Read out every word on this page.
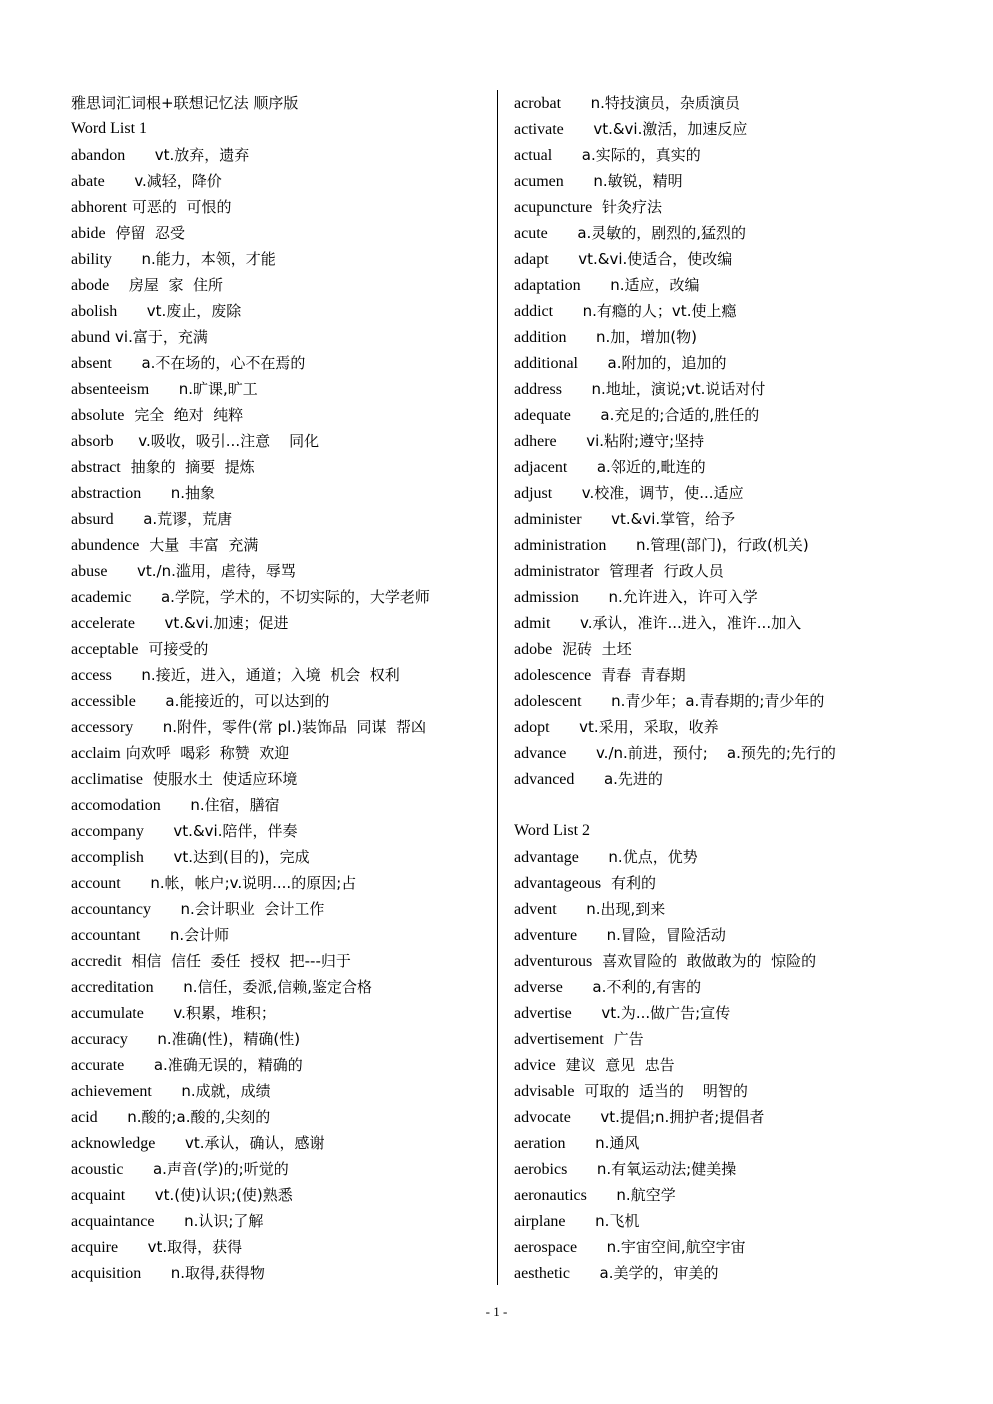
雅思词汇词根+联想记忆法 顺序版
Word List 1
abandon vt.放弃，遗弃
abate v.减轻，降价
abhorent 可恶的  可恨的
abide 停留  忍受
ability n.能力，本领，才能
abode 房屋  家  住所
abolish vt.废止，废除
abund vi.富于，充满
absent a.不在场的，心不在焉的
absenteeism n.旷课,旷工
absolute 完全  绝对  纯粹
absorb v.吸收，吸引...注意    同化
abstract 抽象的  摘要  提炼
abstraction n.抽象
absurd a.荒谬，荒唐
abundence 大量  丰富  充满
abuse vt./n.滥用，虐待，辱骂
academic a.学院，学术的，不切实际的，大学老师
accelerate vt.&vi.加速；促进
acceptable 可接受的
access n.接近，进入，通道；入境  机会  权利
accessible a.能接近的，可以达到的
accessory n.附件，零件(常 pl.)装饰品  同谋  帮凶
acclaim 向欢呼  喝彩  称赞  欢迎
acclimatise 使服水土  使适应环境
accomodation n.住宿，膳宿
accompany vt.&vi.陪伴，伴奏
accomplish vt.达到(目的)，完成
account n.帐，帐户;v.说明....的原因;占
accountancy n.会计职业  会计工作
accountant n.会计师
accredit 相信  信任  委任  授权  把---归于
accreditation n.信任，委派,信赖,鉴定合格
accumulate v.积累，堆积；
accuracy n.准确(性)，精确(性)
accurate a.准确无误的，精确的
achievement n.成就，成绩
acid n.酸的;a.酸的,尖刻的
acknowledge vt.承认，确认，感谢
acoustic a.声音(学)的;听觉的
acquaint vt.(使)认识;(使)熟悉
acquaintance n.认识;了解
acquire vt.取得，获得
acquisition n.取得,获得物
acrobat n.特技演员，杂质演员
activate vt.&vi.激活，加速反应
actual a.实际的，真实的
acumen n.敏锐，精明
acupuncture 针灸疗法
acute a.灵敏的，剧烈的,猛烈的
adapt vt.&vi.使适合，使改编
adaptation n.适应，改编
addict n.有瘾的人；vt.使上瘾
addition n.加，增加(物)
additional a.附加的，追加的
address n.地址，演说;vt.说话对付
adequate a.充足的;合适的,胜任的
adhere vi.粘附;遵守;坚持
adjacent a.邻近的,毗连的
adjust v.校准，调节，使...适应
administer vt.&vi.掌管，给予
administration n.管理(部门)，行政(机关)
administrator 管理者  行政人员
admission n.允许进入，许可入学
admit v.承认，准许...进入，准许...加入
adobe 泥砖  土坯
adolescence 青春  青春期
adolescent n.青少年；a.青春期的;青少年的
adopt vt.采用，采取，收养
advance v./n.前进，预付;    a.预先的;先行的
advanced a.先进的
Word List 2
advantage n.优点，优势
advantageous 有利的
advent n.出现,到来
adventure n.冒险，冒险活动
adventurous 喜欢冒险的  敢做敢为的  惊险的
adverse a.不利的,有害的
advertise vt.为...做广告;宣传
advertisement 广告
advice 建议  意见  忠告
advisable 可取的  适当的    明智的
advocate vt.提倡;n.拥护者;提倡者
aeration n.通风
aerobics n.有氧运动法;健美操
aeronautics n.航空学
airplane n.飞机
aerospace n.宇宙空间,航空宇宙
aesthetic a.美学的，审美的
- 1 -
